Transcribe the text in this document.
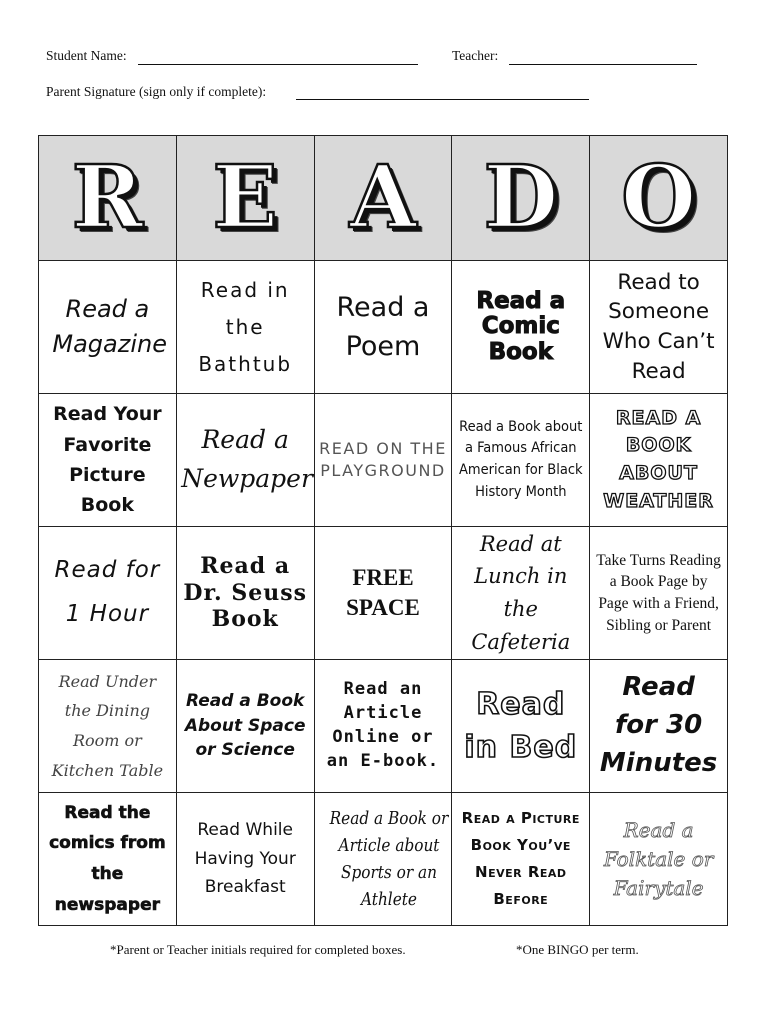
Student Name:	Teacher:
Parent Signature (sign only if complete):
R	E	A	D	O
Read a Magazine	Read in the Bathtub	Read a Poem	Read a Comic Book	Read to Someone Who Can’t Read
Read Your Favorite Picture Book	Read a Newpaper	READ ON THE PLAYGROUND	Read a Book about a Famous African American for Black History Month	READ A BOOK ABOUT WEATHER
Read for 1 Hour	Read a Dr. Seuss Book	FREE SPACE	Read at Lunch in the Cafeteria	Take Turns Reading a Book Page by Page with a Friend, Sibling or Parent
Read Under the Dining Room or Kitchen Table	Read a Book About Space or Science	Read an Article Online or an E-book.	Read in Bed	Read for 30 Minutes
Read the comics from the newspaper	Read While Having Your Breakfast	Read a Book or Article about Sports or an Athlete	Read a Picture Book You’ve Never Read Before	Read a Folktale or Fairytale
*Parent or Teacher initials required for completed boxes.	*One BINGO per term.
